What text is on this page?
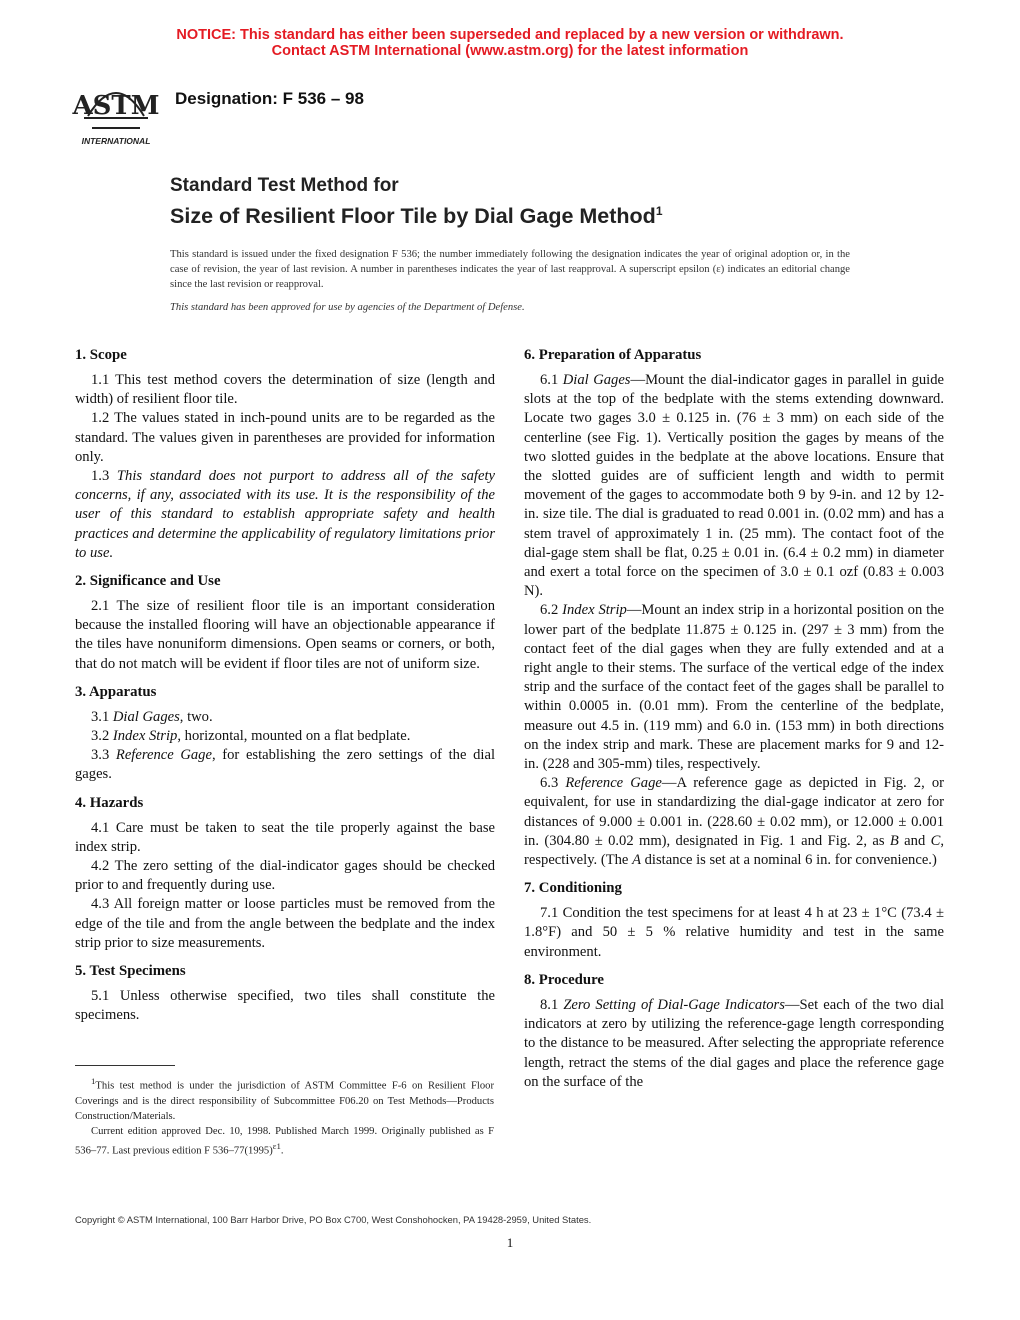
NOTICE: This standard has either been superseded and replaced by a new version or withdrawn.
Contact ASTM International (www.astm.org) for the latest information
ASTM
INTERNATIONAL
Designation: F 536 – 98
Standard Test Method for
Size of Resilient Floor Tile by Dial Gage Method$^1$

This standard is issued under the fixed designation F 536; the number immediately following the designation indicates the year of original adoption or, in the case of revision, the year of last revision. A number in parentheses indicates the year of last reapproval. A superscript epsilon (ε) indicates an editorial change since the last revision or reapproval.

This standard has been approved for use by agencies of the Department of Defense.

1. Scope

1.1 This test method covers the determination of size (length and width) of resilient floor tile.

1.2 The values stated in inch-pound units are to be regarded as the standard. The values given in parentheses are provided for information only.

1.3 This standard does not purport to address all of the safety concerns, if any, associated with its use. It is the responsibility of the user of this standard to establish appropriate safety and health practices and determine the applicability of regulatory limitations prior to use.

2. Significance and Use

2.1 The size of resilient floor tile is an important consideration because the installed flooring will have an objectionable appearance if the tiles have nonuniform dimensions. Open seams or corners, or both, that do not match will be evident if floor tiles are not of uniform size.

3. Apparatus

3.1 Dial Gages, two.

3.2 Index Strip, horizontal, mounted on a flat bedplate.

3.3 Reference Gage, for establishing the zero settings of the dial gages.

4. Hazards

4.1 Care must be taken to seat the tile properly against the base index strip.

4.2 The zero setting of the dial-indicator gages should be checked prior to and frequently during use.

4.3 All foreign matter or loose particles must be removed from the edge of the tile and from the angle between the bedplate and the index strip prior to size measurements.

5. Test Specimens

5.1 Unless otherwise specified, two tiles shall constitute the specimens.

6. Preparation of Apparatus

6.1 Dial Gages—Mount the dial-indicator gages in parallel in guide slots at the top of the bedplate with the stems extending downward. Locate two gages 3.0 ± 0.125 in. (76 ± 3 mm) on each side of the centerline (see Fig. 1). Vertically position the gages by means of the two slotted guides in the bedplate at the above locations. Ensure that the slotted guides are of sufficient length and width to permit movement of the gages to accommodate both 9 by 9-in. and 12 by 12-in. size tile. The dial is graduated to read 0.001 in. (0.02 mm) and has a stem travel of approximately 1 in. (25 mm). The contact foot of the dial-gage stem shall be flat, 0.25 ± 0.01 in. (6.4 ± 0.2 mm) in diameter and exert a total force on the specimen of 3.0 ± 0.1 ozf (0.83 ± 0.003 N).

6.2 Index Strip—Mount an index strip in a horizontal position on the lower part of the bedplate 11.875 ± 0.125 in. (297 ± 3 mm) from the contact feet of the dial gages when they are fully extended and at a right angle to their stems. The surface of the vertical edge of the index strip and the surface of the contact feet of the gages shall be parallel to within 0.0005 in. (0.01 mm). From the centerline of the bedplate, measure out 4.5 in. (119 mm) and 6.0 in. (153 mm) in both directions on the index strip and mark. These are placement marks for 9 and 12-in. (228 and 305-mm) tiles, respectively.

6.3 Reference Gage—A reference gage as depicted in Fig. 2, or equivalent, for use in standardizing the dial-gage indicator at zero for distances of 9.000 ± 0.001 in. (228.60 ± 0.02 mm), or 12.000 ± 0.001 in. (304.80 ± 0.02 mm), designated in Fig. 1 and Fig. 2, as B and C, respectively. (The A distance is set at a nominal 6 in. for convenience.)

7. Conditioning

7.1 Condition the test specimens for at least 4 h at 23 ± 1°C (73.4 ± 1.8°F) and 50 ± 5 % relative humidity and test in the same environment.

8. Procedure

8.1 Zero Setting of Dial-Gage Indicators—Set each of the two dial indicators at zero by utilizing the reference-gage length corresponding to the distance to be measured. After selecting the appropriate reference length, retract the stems of the dial gages and place the reference gage on the surface of the

$^1$This test method is under the jurisdiction of ASTM Committee F-6 on Resilient Floor Coverings and is the direct responsibility of Subcommittee F06.20 on Test Methods—Products Construction/Materials.

Current edition approved Dec. 10, 1998. Published March 1999. Originally published as F 536–77. Last previous edition F $536-77(1995)^{\varepsilon 1}$.

Copyright © ASTM International, 100 Barr Harbor Drive, PO Box C700, West Conshohocken, PA 19428-2959, United States.
1
